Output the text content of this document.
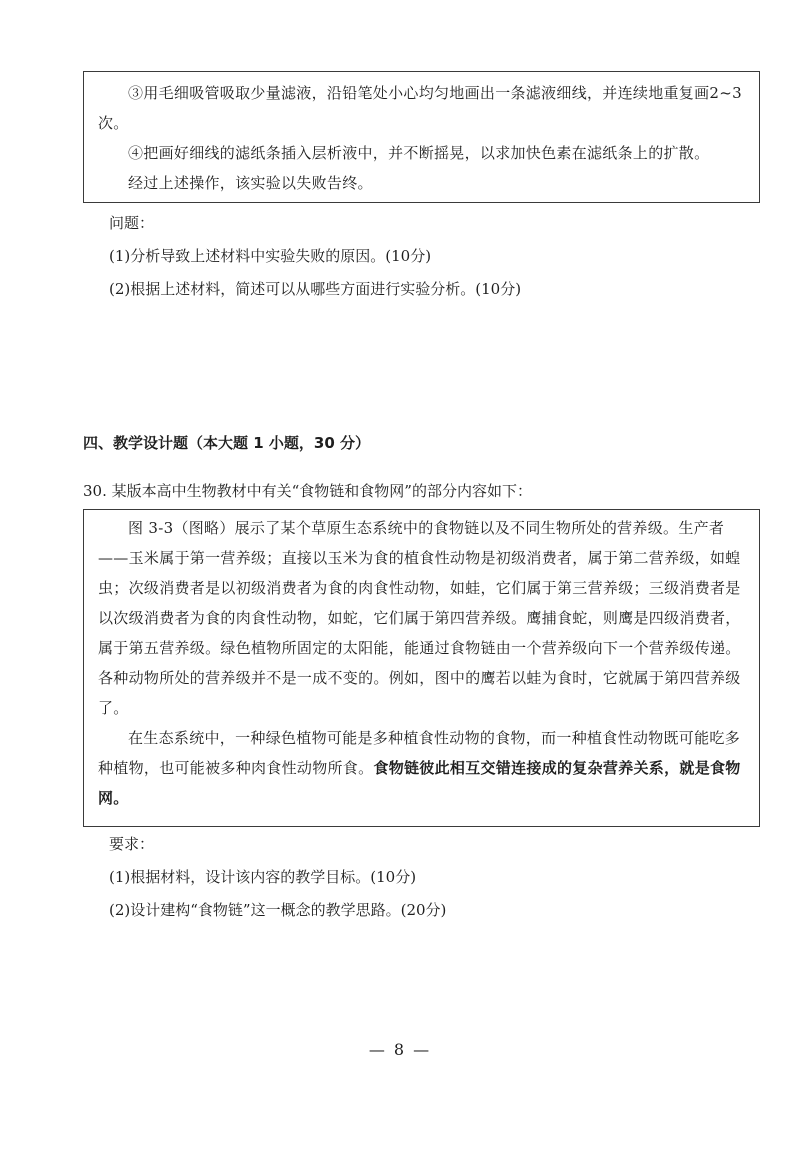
③用毛细吸管吸取少量滤液，沿铅笔处小心均匀地画出一条滤液细线，并连续地重复画2~3次。

④把画好细线的滤纸条插入层析液中，并不断摇晃，以求加快色素在滤纸条上的扩散。

经过上述操作，该实验以失败告终。

问题：
(1)分析导致上述材料中实验失败的原因。(10分)
(2)根据上述材料，简述可以从哪些方面进行实验分析。(10分)
四、教学设计题（本大题 1 小题，30 分）
30. 某版本高中生物教材中有关“食物链和食物网”的部分内容如下：

图 3-3（图略）展示了某个草原生态系统中的食物链以及不同生物所处的营养级。生产者——玉米属于第一营养级；直接以玉米为食的植食性动物是初级消费者，属于第二营养级，如蝗虫；次级消费者是以初级消费者为食的肉食性动物，如蛙，它们属于第三营养级；三级消费者是以次级消费者为食的肉食性动物，如蛇，它们属于第四营养级。鹰捕食蛇，则鹰是四级消费者，属于第五营养级。绿色植物所固定的太阳能，能通过食物链由一个营养级向下一个营养级传递。各种动物所处的营养级并不是一成不变的。例如，图中的鹰若以蛙为食时，它就属于第四营养级了。

在生态系统中，一种绿色植物可能是多种植食性动物的食物，而一种植食性动物既可能吃多种植物，也可能被多种肉食性动物所食。食物链彼此相互交错连接成的复杂营养关系，就是食物网。

要求：
(1)根据材料，设计该内容的教学目标。(10分)
(2)设计建构“食物链”这一概念的教学思路。(20分)
— 8 —
